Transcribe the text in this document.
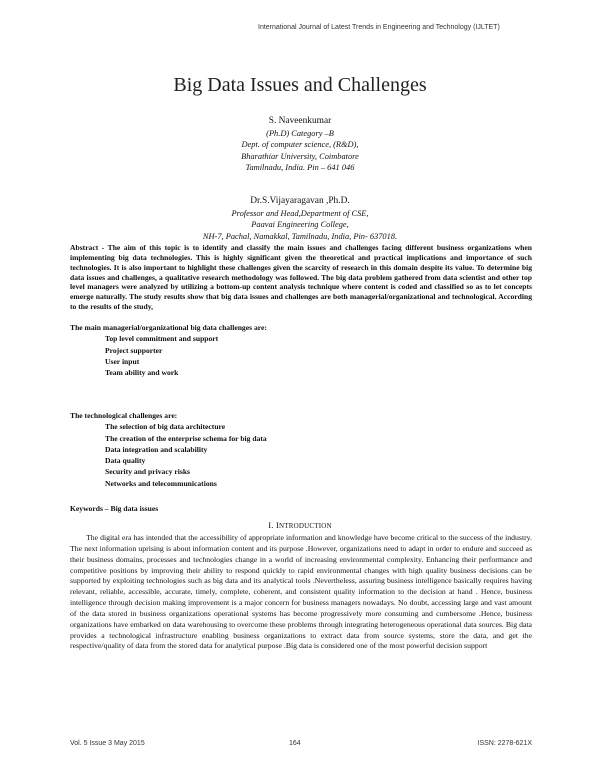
International Journal of Latest Trends in Engineering and Technology (IJLTET)
Big Data Issues and Challenges
S. Naveenkumar
(Ph.D) Category –B
Dept. of computer science, (R&D),
Bharathiar University, Coimbatore
Tamilnadu, India. Pin – 641 046
Dr.S.Vijayaragavan ,Ph.D.
Professor and Head,Department of CSE,
Paavai Engineering College,
NH-7, Pachal, Namakkal, Tamilnadu, India, Pin- 637018.
Abstract - The aim of this topic is to identify and classify the main issues and challenges facing different business organizations when implementing big data technologies. This is highly significant given the theoretical and practical implications and importance of such technologies. It is also important to highlight these challenges given the scarcity of research in this domain despite its value. To determine big data issues and challenges, a qualitative research methodology was followed. The big data problem gathered from data scientist and other top level managers were analyzed by utilizing a bottom-up content analysis technique where content is coded and classified so as to let concepts emerge naturally. The study results show that big data issues and challenges are both managerial/organizational and technological. According to the results of the study,
The main managerial/organizational big data challenges are:
Top level commitment and support
Project supporter
User input
Team ability and work
The technological challenges are:
The selection of big data architecture
The creation of the enterprise schema for big data
Data integration and scalability
Data quality
Security and privacy risks
Networks and telecommunications
Keywords – Big data issues
I. INTRODUCTION
The digital era has intended that the accessibility of appropriate information and knowledge have become critical to the success of the industry. The next information uprising is about information content and its purpose .However, organizations need to adapt in order to endure and succeed as their business domains, processes and technologies change in a world of increasing environmental complexity. Enhancing their performance and competitive positions by improving their ability to respond quickly to rapid environmental changes with high quality business decisions can be supported by exploiting technologies such as big data and its analytical tools .Nevertheless, assuring business intelligence basically requires having relevant, reliable, accessible, accurate, timely, complete, coherent, and consistent quality information to the decision at hand . Hence, business intelligence through decision making improvement is a major concern for business managers nowadays. No doubt, accessing large and vast amount of the data stored in business organizations operational systems has become progressively more consuming and cumbersome .Hence, business organizations have embarked on data warehousing to overcome these problems through integrating heterogeneous operational data sources. Big data provides a technological infrastructure enabling business organizations to extract data from source systems, store the data, and get the respective/quality of data from the stored data for analytical purpose .Big data is considered one of the most powerful decision support
Vol. 5 Issue 3 May 2015	164	ISSN: 2278-621X
